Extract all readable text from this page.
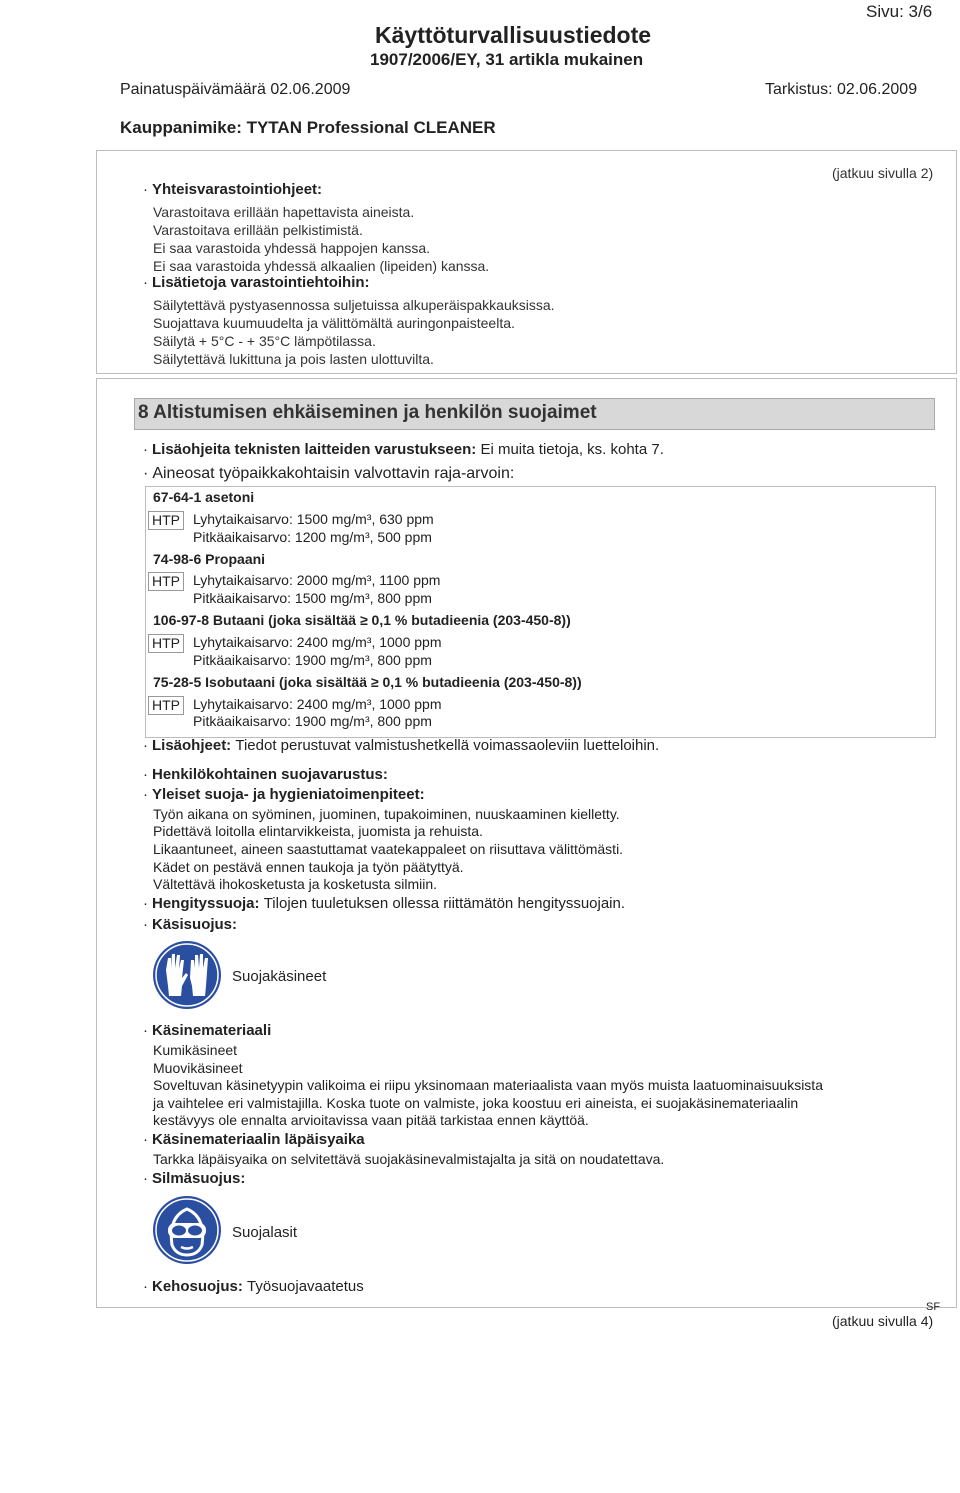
Sivu: 3/6
Käyttöturvallisuustiedote
1907/2006/EY, 31 artikla mukainen
Painatuspäivämäärä 02.06.2009	Tarkistus: 02.06.2009
Kauppanimike: TYTAN Professional CLEANER
(jatkuu sivulla 2)
· Yhteisvarastointiohjeet:
Varastoitava erillään hapettavista aineista.
Varastoitava erillään pelkistimistä.
Ei saa varastoida yhdessä happojen kanssa.
Ei saa varastoida yhdessä alkaalien (lipeiden) kanssa.
· Lisätietoja varastointiehtoihin:
Säilytettävä pystyasennossa suljetuissa alkuperäispakkauksissa.
Suojattava kuumuudelta ja välittömältä auringonpaisteelta.
Säilytä + 5°C - + 35°C lämpötilassa.
Säilytettävä lukittuna ja pois lasten ulottuvilta.
8 Altistumisen ehkäiseminen ja henkilön suojaimet
· Lisäohjeita teknisten laitteiden varustukseen: Ei muita tietoja, ks. kohta 7.
· Aineosat työpaikkakohtaisin valvottavin raja-arvoin:
67-64-1 asetoni
HTP Lyhytaikaisarvo: 1500 mg/m³, 630 ppm
Pitkäaikaisarvo: 1200 mg/m³, 500 ppm
74-98-6 Propaani
HTP Lyhytaikaisarvo: 2000 mg/m³, 1100 ppm
Pitkäaikaisarvo: 1500 mg/m³, 800 ppm
106-97-8 Butaani (joka sisältää ≥ 0,1 % butadieenia (203-450-8))
HTP Lyhytaikaisarvo: 2400 mg/m³, 1000 ppm
Pitkäaikaisarvo: 1900 mg/m³, 800 ppm
75-28-5 Isobutaani (joka sisältää ≥ 0,1 % butadieenia (203-450-8))
HTP Lyhytaikaisarvo: 2400 mg/m³, 1000 ppm
Pitkäaikaisarvo: 1900 mg/m³, 800 ppm
· Lisäohjeet: Tiedot perustuvat valmistushetkellä voimassaoleviin luetteloihin.
· Henkilökohtainen suojavarustus:
· Yleiset suoja- ja hygieniatoimenpiteet:
Työn aikana on syöminen, juominen, tupakoiminen, nuuskaaminen kielletty.
Pidettävä loitolla elintarvikkeista, juomista ja rehuista.
Likaantuneet, aineen saastuttamat vaatekappaleet on riisuttava välittömästi.
Kädet on pestävä ennen taukoja ja työn päätyttyä.
Vältettävä ihokosketusta ja kosketusta silmiin.
· Hengityssuoja: Tilojen tuuletuksen ollessa riittämätön hengityssuojain.
· Käsisuojus:
Suojakäsineet
· Käsinemateriaali
Kumikäsineet
Muovikäsineet
Soveltuvan käsinetyypin valikoima ei riipu yksinomaan materiaalista vaan myös muista laatuominaisuuksista
ja vaihtelee eri valmistajilla. Koska tuote on valmiste, joka koostuu eri aineista, ei suojakäsinemateriaalin
kestävyys ole ennalta arvioitavissa vaan pitää tarkistaa ennen käyttöä.
· Käsinemateriaalin läpäisyaika
Tarkka läpäisyaika on selvitettävä suojakäsinevalmistajalta ja sitä on noudatettava.
· Silmäsuojus:
Suojalasit
· Kehosuojus: Työsuojavaatetus
SF
(jatkuu sivulla 4)
